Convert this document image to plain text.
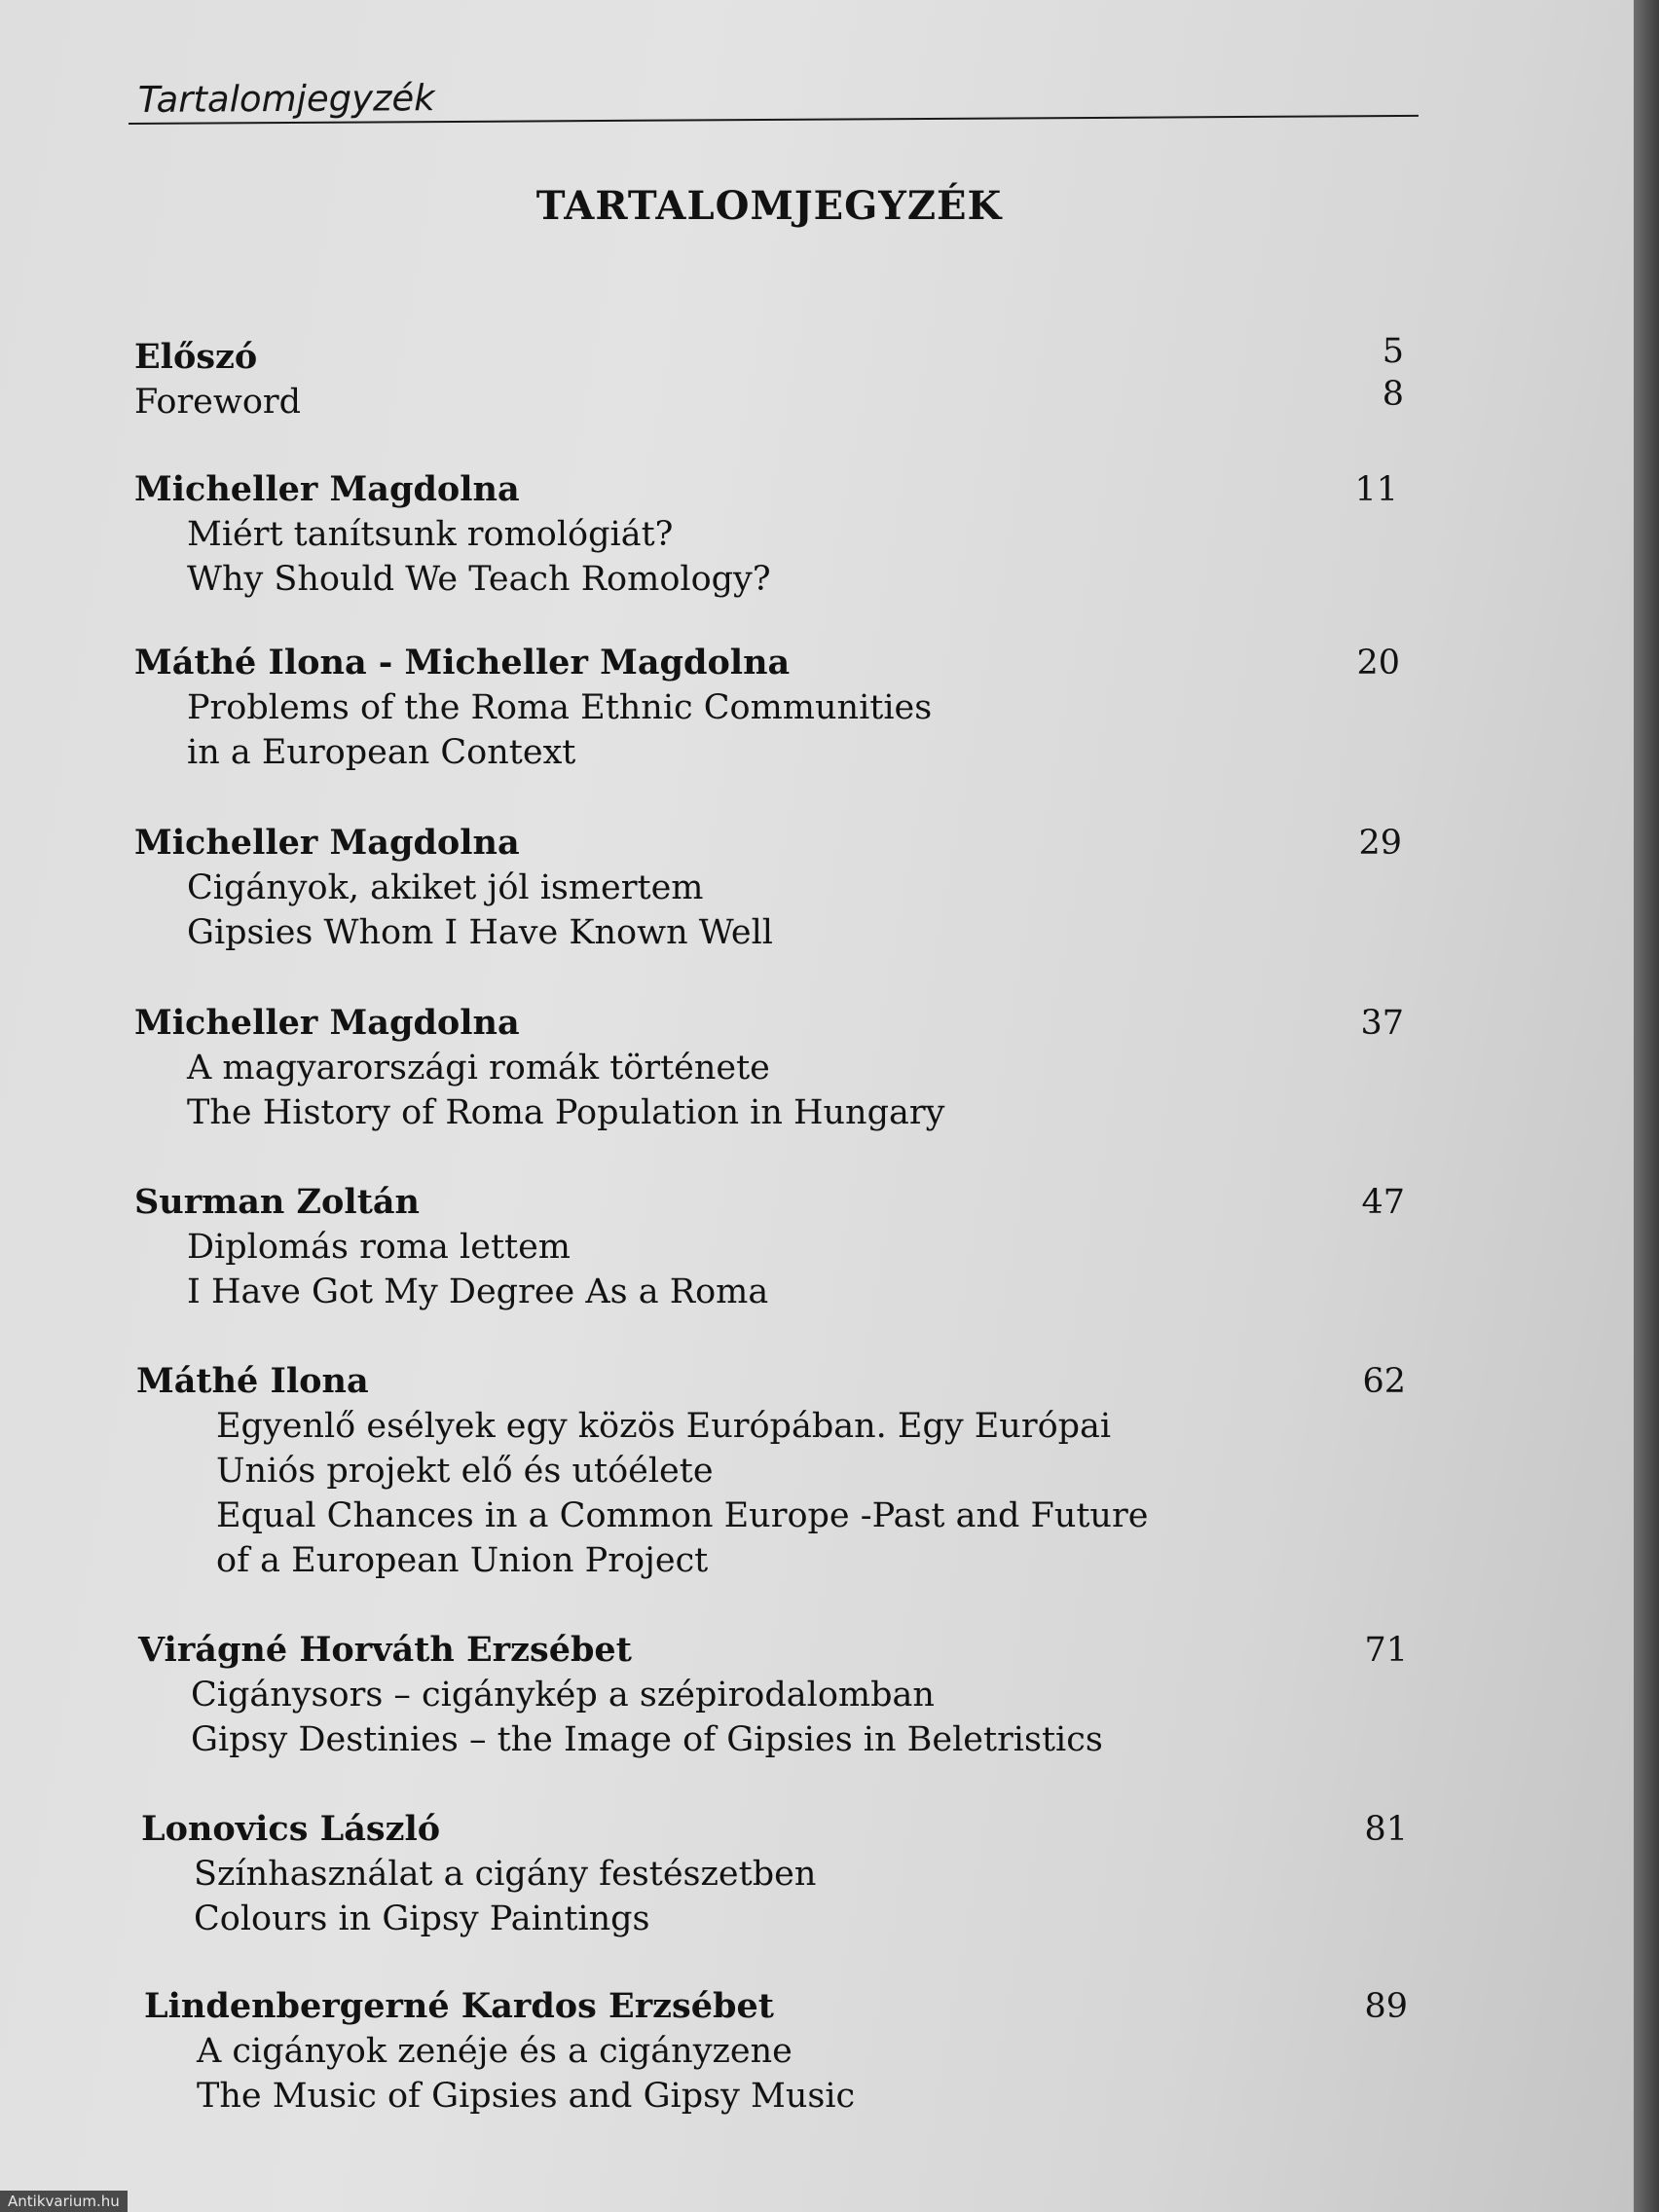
Tartalomjegyzék
TARTALOMJEGYZÉK
Előszó
Foreword
5
8
Micheller Magdolna
Miért tanítsunk romológiát?
Why Should We Teach Romology?
11
Máthé Ilona - Micheller Magdolna
Problems of the Roma Ethnic Communities
in a European Context
20
Micheller Magdolna
Cigányok, akiket jól ismertem
Gipsies Whom I Have Known Well
29
Micheller Magdolna
A magyarországi romák története
The History of Roma Population in Hungary
37
Surman Zoltán
Diplomás roma lettem
I Have Got My Degree As a Roma
47
Máthé Ilona
Egyenlő esélyek egy közös Európában. Egy Európai
Uniós projekt elő és utóélete
Equal Chances in a Common Europe -Past and Future
of a European Union Project
62
Virágné Horváth Erzsébet
Cigánysors – cigánykép a szépirodalomban
Gipsy Destinies – the Image of Gipsies in Beletristics
71
Lonovics László
Színhasználat a cigány festészetben
Colours in Gipsy Paintings
81
Lindenbergerné Kardos Erzsébet
A cigányok zenéje és a cigányzene
The Music of Gipsies and Gipsy Music
89
Antikvarium.hu
